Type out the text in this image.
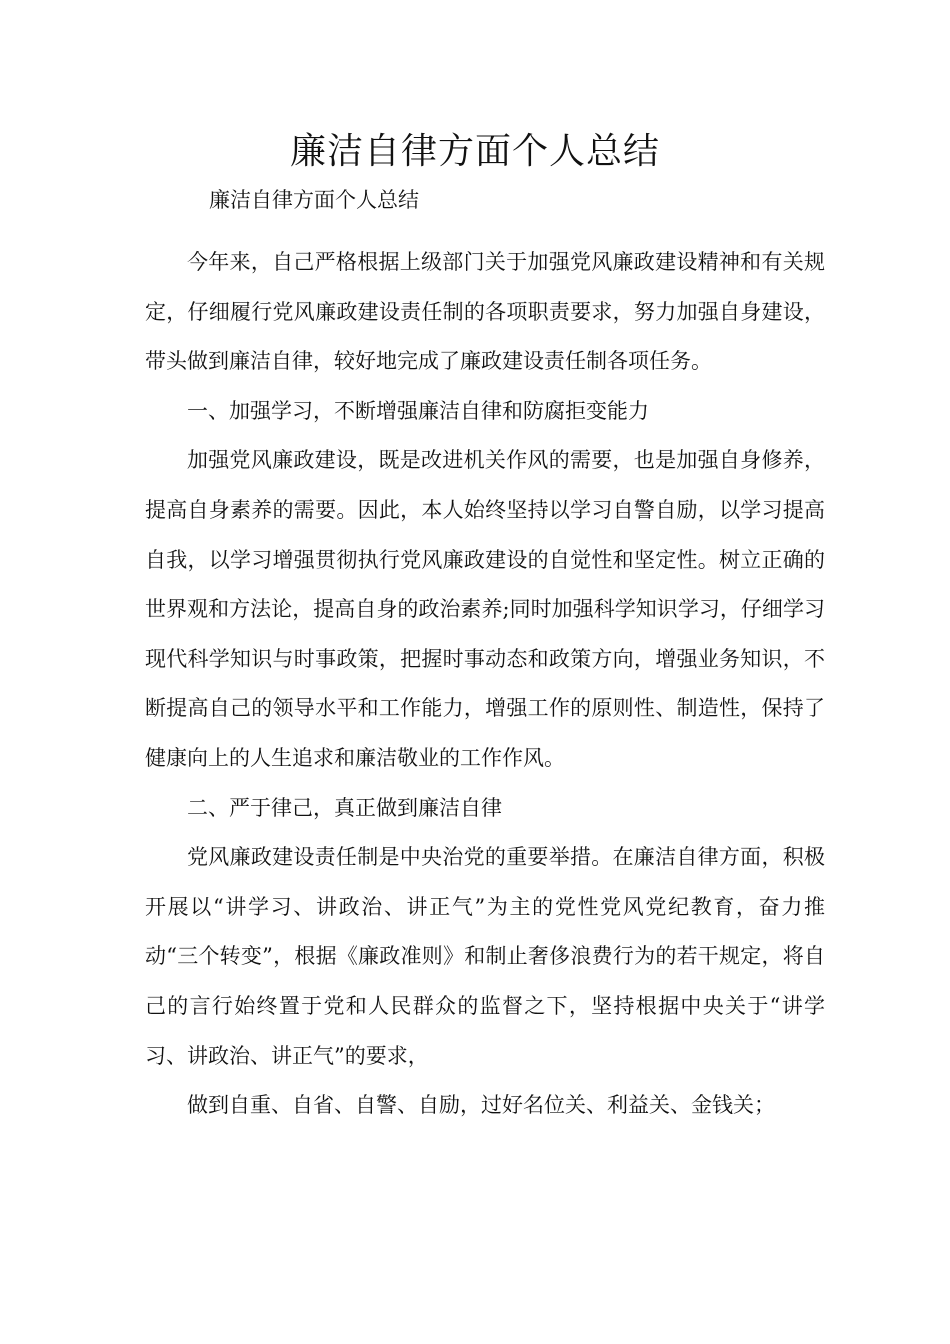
廉洁自律方面个人总结

廉洁自律方面个人总结

今年来，自己严格根据上级部门关于加强党风廉政建设精神和有关规定，仔细履行党风廉政建设责任制的各项职责要求，努力加强自身建设，带头做到廉洁自律，较好地完成了廉政建设责任制各项任务。

一、加强学习，不断增强廉洁自律和防腐拒变能力

加强党风廉政建设，既是改进机关作风的需要，也是加强自身修养，提高自身素养的需要。因此，本人始终坚持以学习自警自励，以学习提高自我，以学习增强贯彻执行党风廉政建设的自觉性和坚定性。树立正确的世界观和方法论，提高自身的政治素养;同时加强科学知识学习，仔细学习现代科学知识与时事政策，把握时事动态和政策方向，增强业务知识，不断提高自己的领导水平和工作能力，增强工作的原则性、制造性，保持了健康向上的人生追求和廉洁敬业的工作作风。

二、严于律己，真正做到廉洁自律

党风廉政建设责任制是中央治党的重要举措。在廉洁自律方面，积极开展以“讲学习、讲政治、讲正气”为主的党性党风党纪教育，奋力推动“三个转变”，根据《廉政准则》和制止奢侈浪费行为的若干规定，将自己的言行始终置于党和人民群众的监督之下，坚持根据中央关于“讲学习、讲政治、讲正气”的要求，

做到自重、自省、自警、自励，过好名位关、利益关、金钱关；
